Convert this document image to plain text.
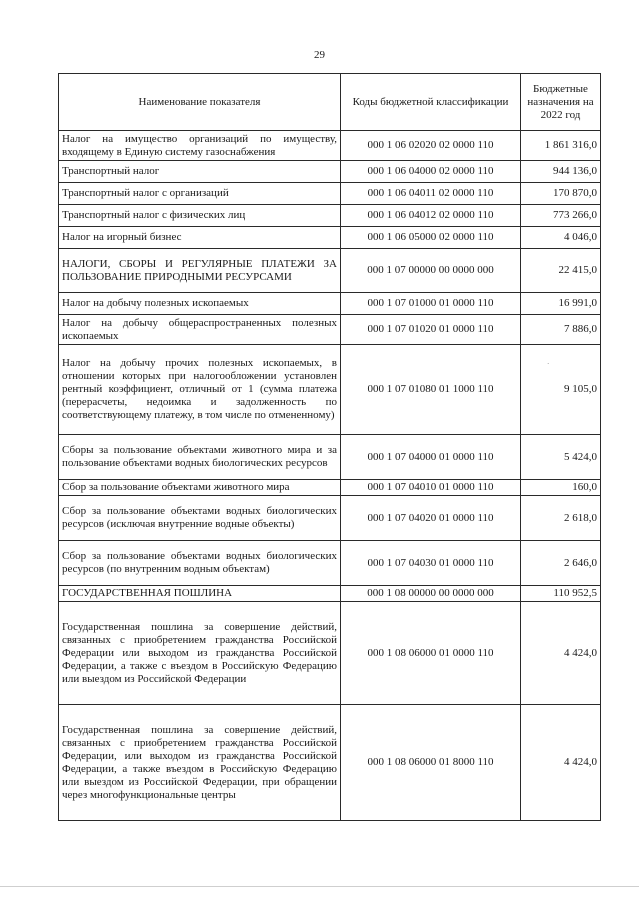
29
Наименование показателя	Коды бюджетной классификации	Бюджетные назначения на 2022 год
Налог на имущество организаций по имуществу, входящему в Единую систему газоснабжения	000 1 06 02020 02 0000 110	1 861 316,0
Транспортный налог	000 1 06 04000 02 0000 110	944 136,0
Транспортный налог с организаций	000 1 06 04011 02 0000 110	170 870,0
Транспортный налог с физических лиц	000 1 06 04012 02 0000 110	773 266,0
Налог на игорный бизнес	000 1 06 05000 02 0000 110	4 046,0
НАЛОГИ, СБОРЫ И РЕГУЛЯРНЫЕ ПЛАТЕЖИ ЗА ПОЛЬЗОВАНИЕ ПРИРОДНЫМИ РЕСУРСАМИ	000 1 07 00000 00 0000 000	22 415,0
Налог на добычу полезных ископаемых	000 1 07 01000 01 0000 110	16 991,0
Налог на добычу общераспространенных полезных ископаемых	000 1 07 01020 01 0000 110	7 886,0
Налог на добычу прочих полезных ископаемых, в отношении которых при налогообложении установлен рентный коэффициент, отличный от 1 (сумма платежа (перерасчеты, недоимка и задолженность по соответствующему платежу, в том числе по отмененному)	000 1 07 01080 01 1000 110	9 105,0
Сборы за пользование объектами животного мира и за пользование объектами водных биологических ресурсов	000 1 07 04000 01 0000 110	5 424,0
Сбор за пользование объектами животного мира	000 1 07 04010 01 0000 110	160,0
Сбор за пользование объектами водных биологических ресурсов (исключая внутренние водные объекты)	000 1 07 04020 01 0000 110	2 618,0
Сбор за пользование объектами водных биологических ресурсов (по внутренним водным объектам)	000 1 07 04030 01 0000 110	2 646,0
ГОСУДАРСТВЕННАЯ ПОШЛИНА	000 1 08 00000 00 0000 000	110 952,5
Государственная пошлина за совершение действий, связанных с приобретением гражданства Российской Федерации или выходом из гражданства Российской Федерации, а также с въездом в Российскую Федерацию или выездом из Российской Федерации	000 1 08 06000 01 0000 110	4 424,0
Государственная пошлина за совершение действий, связанных с приобретением гражданства Российской Федерации, или выходом из гражданства Российской Федерации, а также въездом в Российскую Федерацию или выездом из Российской Федерации, при обращении через многофункциональные центры	000 1 08 06000 01 8000 110	4 424,0
·
